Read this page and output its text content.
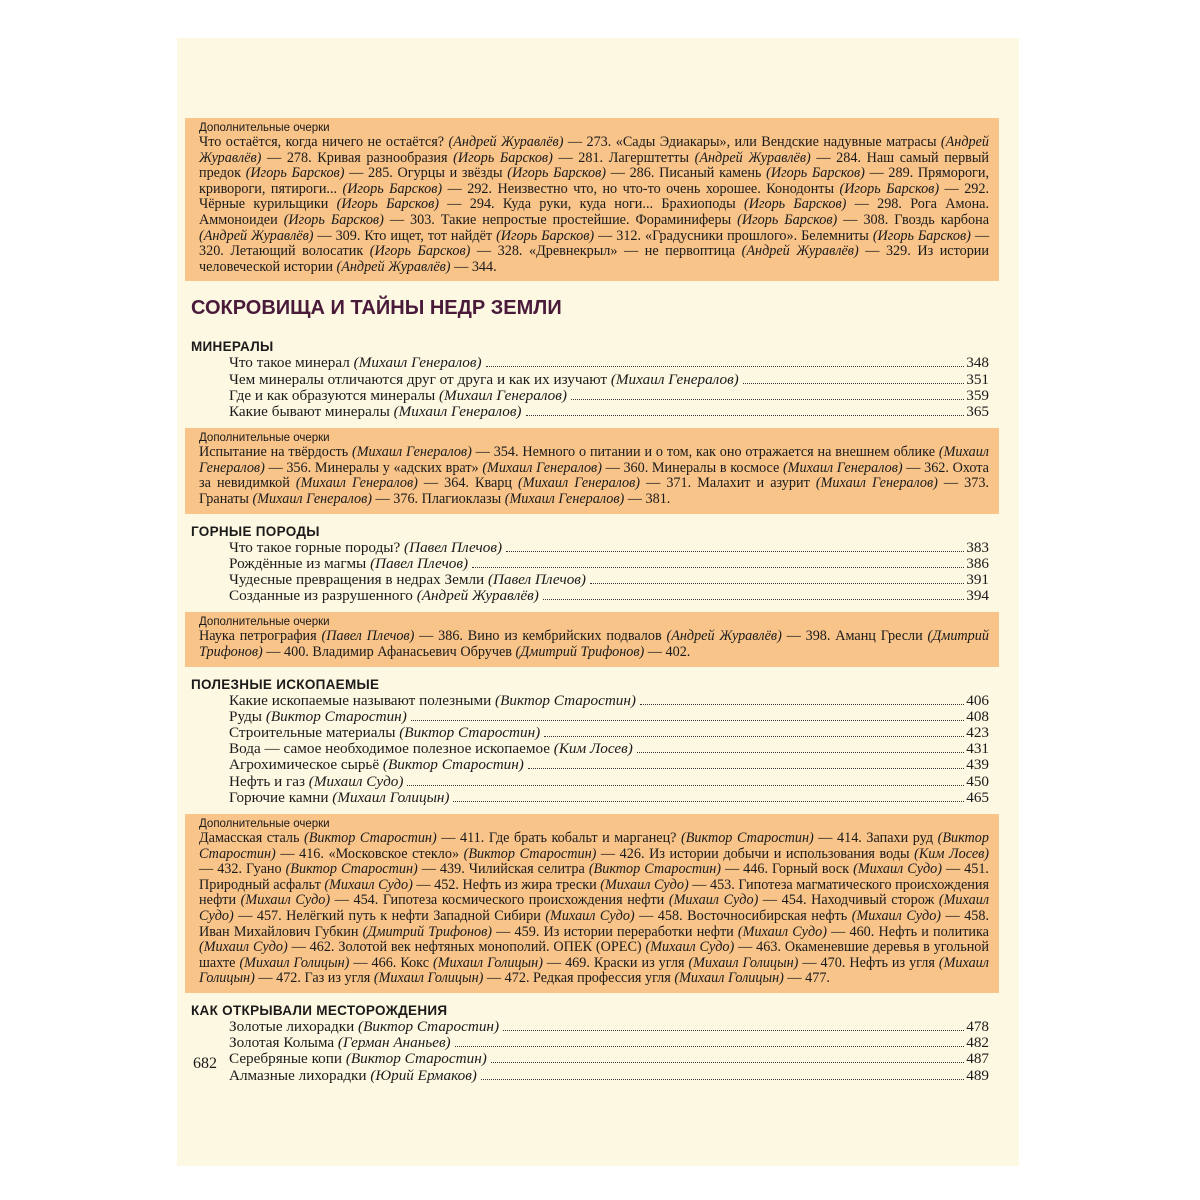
Дополнительные очерки
Что остаётся, когда ничего не остаётся? (Андрей Журавлёв) — 273. «Сады Эдиакары», или Вендские надувные матрасы (Андрей Журавлёв) — 278. Кривая разнообразия (Игорь Барсков) — 281. Лагерштетты (Андрей Журавлёв) — 284. Наш самый первый предок (Игорь Барсков) — 285. Огурцы и звёзды (Игорь Барсков) — 286. Писаный камень (Игорь Барсков) — 289. Прямороги, кривороги, пятироги... (Игорь Барсков) — 292. Неизвестно что, но что-то очень хорошее. Конодонты (Игорь Барсков) — 292. Чёрные курильщики (Игорь Барсков) — 294. Куда руки, куда ноги... Брахиоподы (Игорь Барсков) — 298. Рога Амона. Аммоноидеи (Игорь Барсков) — 303. Такие непростые простейшие. Фораминиферы (Игорь Барсков) — 308. Гвоздь карбона (Андрей Журавлёв) — 309. Кто ищет, тот найдёт (Игорь Барсков) — 312. «Градусники прошлого». Белемниты (Игорь Барсков) — 320. Летающий волосатик (Игорь Барсков) — 328. «Древнекрыл» — не первоптица (Андрей Журавлёв) — 329. Из истории человеческой истории (Андрей Журавлёв) — 344.
СОКРОВИЩА И ТАЙНЫ НЕДР ЗЕМЛИ
МИНЕРАЛЫ
Что такое минерал (Михаил Генералов)	348
Чем минералы отличаются друг от друга и как их изучают (Михаил Генералов)	351
Где и как образуются минералы (Михаил Генералов)	359
Какие бывают минералы (Михаил Генералов)	365
Дополнительные очерки
Испытание на твёрдость (Михаил Генералов) — 354. Немного о питании и о том, как оно отражается на внешнем облике (Михаил Генералов) — 356. Минералы у «адских врат» (Михаил Генералов) — 360. Минералы в космосе (Михаил Генералов) — 362. Охота за невидимкой (Михаил Генералов) — 364. Кварц (Михаил Генералов) — 371. Малахит и азурит (Михаил Генералов) — 373. Гранаты (Михаил Генералов) — 376. Плагиоклазы (Михаил Генералов) — 381.
ГОРНЫЕ ПОРОДЫ
Что такое горные породы? (Павел Плечов)	383
Рождённые из магмы (Павел Плечов)	386
Чудесные превращения в недрах Земли (Павел Плечов)	391
Созданные из разрушенного (Андрей Журавлёв)	394
Дополнительные очерки
Наука петрография (Павел Плечов) — 386. Вино из кембрийских подвалов (Андрей Журавлёв) — 398. Аманц Гресли (Дмитрий Трифонов) — 400. Владимир Афанасьевич Обручев (Дмитрий Трифонов) — 402.
ПОЛЕЗНЫЕ ИСКОПАЕМЫЕ
Какие ископаемые называют полезными (Виктор Старостин)	406
Руды (Виктор Старостин)	408
Строительные материалы (Виктор Старостин)	423
Вода — самое необходимое полезное ископаемое (Ким Лосев)	431
Агрохимическое сырьё (Виктор Старостин)	439
Нефть и газ (Михаил Судо)	450
Горючие камни (Михаил Голицын)	465
Дополнительные очерки
Дамасская сталь (Виктор Старостин) — 411. Где брать кобальт и марганец? (Виктор Старостин) — 414. Запахи руд (Виктор Старостин) — 416. «Московское стекло» (Виктор Старостин) — 426. Из истории добычи и использования воды (Ким Лосев) — 432. Гуано (Виктор Старостин) — 439. Чилийская селитра (Виктор Старостин) — 446. Горный воск (Михаил Судо) — 451. Природный асфальт (Михаил Судо) — 452. Нефть из жира трески (Михаил Судо) — 453. Гипотеза магматического происхождения нефти (Михаил Судо) — 454. Гипотеза космического происхождения нефти (Михаил Судо) — 454. Находчивый сторож (Михаил Судо) — 457. Нелёгкий путь к нефти Западной Сибири (Михаил Судо) — 458. Восточносибирская нефть (Михаил Судо) — 458. Иван Михайлович Губкин (Дмитрий Трифонов) — 459. Из истории переработки нефти (Михаил Судо) — 460. Нефть и политика (Михаил Судо) — 462. Золотой век нефтяных монополий. ОПЕК (OPEC) (Михаил Судо) — 463. Окаменевшие деревья в угольной шахте (Михаил Голицын) — 466. Кокс (Михаил Голицын) — 469. Краски из угля (Михаил Голицын) — 470. Нефть из угля (Михаил Голицын) — 472. Газ из угля (Михаил Голицын) — 472. Редкая профессия угля (Михаил Голицын) — 477.
КАК ОТКРЫВАЛИ МЕСТОРОЖДЕНИЯ
Золотые лихорадки (Виктор Старостин)	478
Золотая Колыма (Герман Ананьев)	482
Серебряные копи (Виктор Старостин)	487
Алмазные лихорадки (Юрий Ермаков)	489
682
